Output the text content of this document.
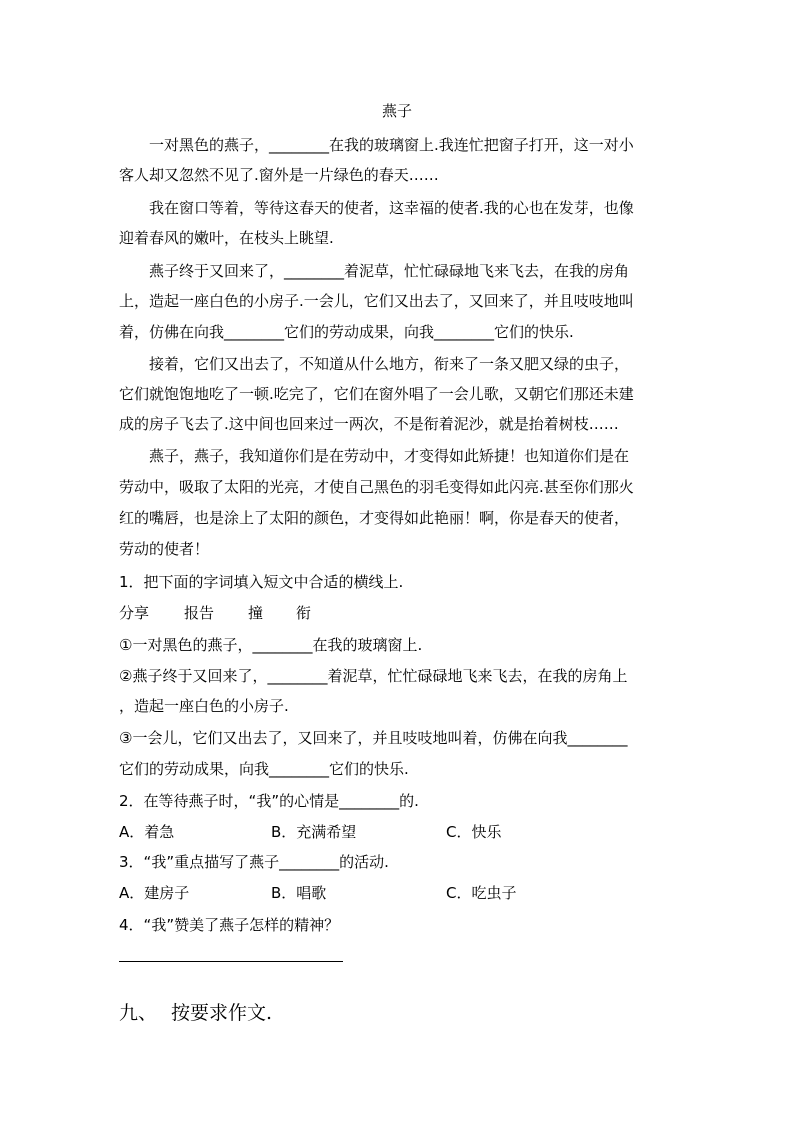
燕子
　　一对黑色的燕子，________在我的玻璃窗上.我连忙把窗子打开，这一对小
客人却又忽然不见了.窗外是一片绿色的春天……
　　我在窗口等着，等待这春天的使者，这幸福的使者.我的心也在发芽，也像
迎着春风的嫩叶，在枝头上眺望.
　　燕子终于又回来了，________着泥草，忙忙碌碌地飞来飞去，在我的房角
上，造起一座白色的小房子.一会儿，它们又出去了，又回来了，并且吱吱地叫
着，仿佛在向我________它们的劳动成果，向我________它们的快乐.
　　接着，它们又出去了，不知道从什么地方，衔来了一条又肥又绿的虫子，
它们就饱饱地吃了一顿.吃完了，它们在窗外唱了一会儿歌，又朝它们那还未建
成的房子飞去了.这中间也回来过一两次，不是衔着泥沙，就是抬着树枝……
　　燕子，燕子，我知道你们是在劳动中，才变得如此矫捷！也知道你们是在
劳动中，吸取了太阳的光亮，才使自己黑色的羽毛变得如此闪亮.甚至你们那火
红的嘴唇，也是涂上了太阳的颜色，才变得如此艳丽！啊，你是春天的使者，
劳动的使者！
1．把下面的字词填入短文中合适的横线上.
分享 报告 撞 衔
①一对黑色的燕子，________在我的玻璃窗上.
②燕子终于又回来了，________着泥草，忙忙碌碌地飞来飞去，在我的房角上
，造起一座白色的小房子.
③一会儿，它们又出去了，又回来了，并且吱吱地叫着，仿佛在向我________
它们的劳动成果，向我________它们的快乐.
2．在等待燕子时，“我”的心情是________的.
A．着急	B．充满希望	C．快乐
3．“我”重点描写了燕子________的活动.
A．建房子	B．唱歌	C．吃虫子
4．“我”赞美了燕子怎样的精神？
九、 按要求作文.
